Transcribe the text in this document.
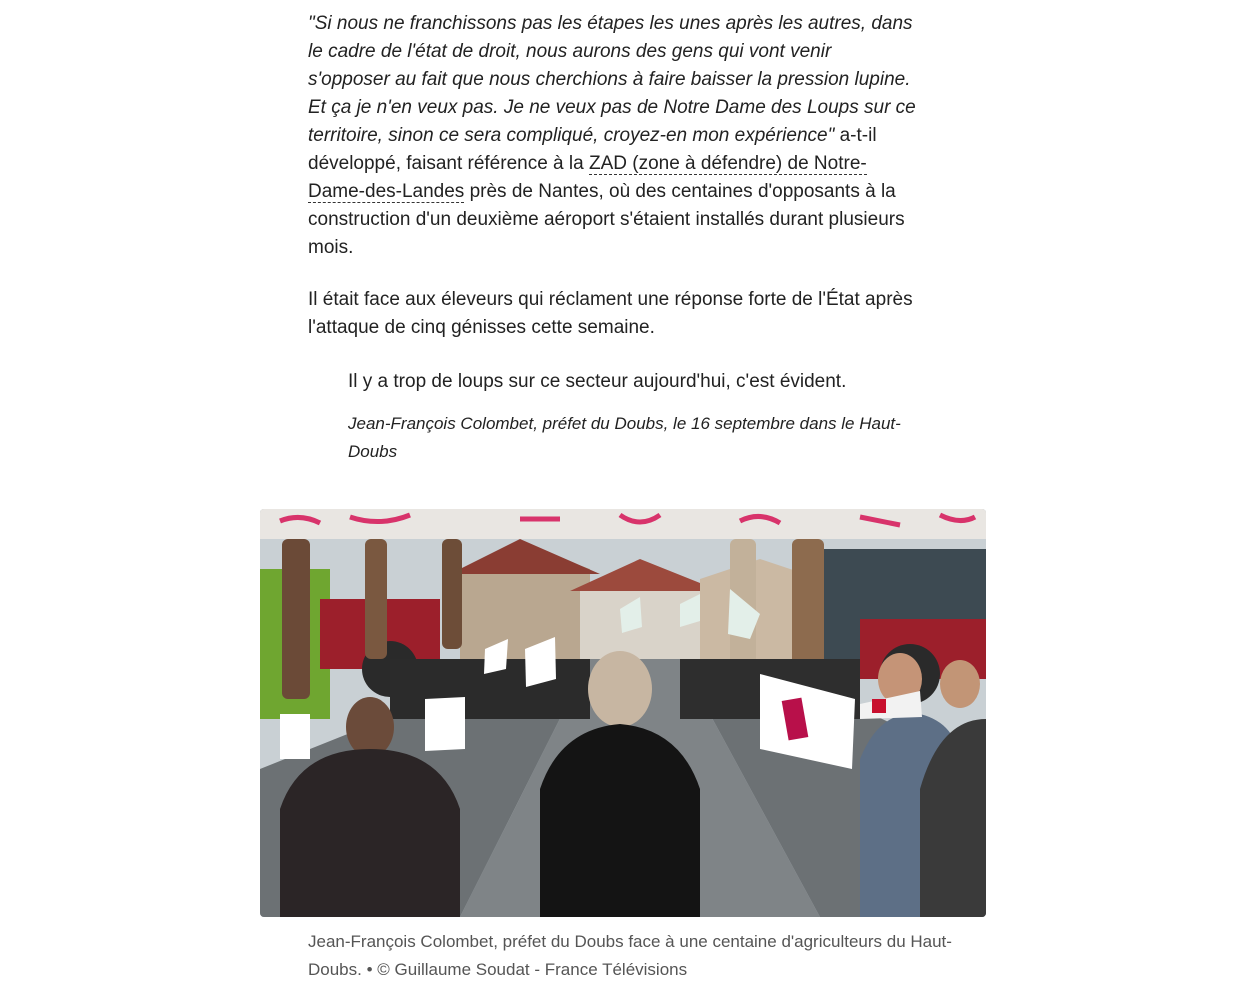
"Si nous ne franchissons pas les étapes les unes après les autres, dans le cadre de l'état de droit, nous aurons des gens qui vont venir s'opposer au fait que nous cherchions à faire baisser la pression lupine. Et ça je n'en veux pas. Je ne veux pas de Notre Dame des Loups sur ce territoire, sinon ce sera compliqué, croyez-en mon expérience" a-t-il développé, faisant référence à la ZAD (zone à défendre) de Notre-Dame-des-Landes près de Nantes, où des centaines d'opposants à la construction d'un deuxième aéroport s'étaient installés durant plusieurs mois.

Il était face aux éleveurs qui réclament une réponse forte de l'État après l'attaque de cinq génisses cette semaine.

Il y a trop de loups sur ce secteur aujourd'hui, c'est évident.

Jean-François Colombet, préfet du Doubs, le 16 septembre dans le Haut-Doubs

Jean-François Colombet, préfet du Doubs face à une centaine d'agriculteurs du Haut-Doubs. • © Guillaume Soudat - France Télévisions
